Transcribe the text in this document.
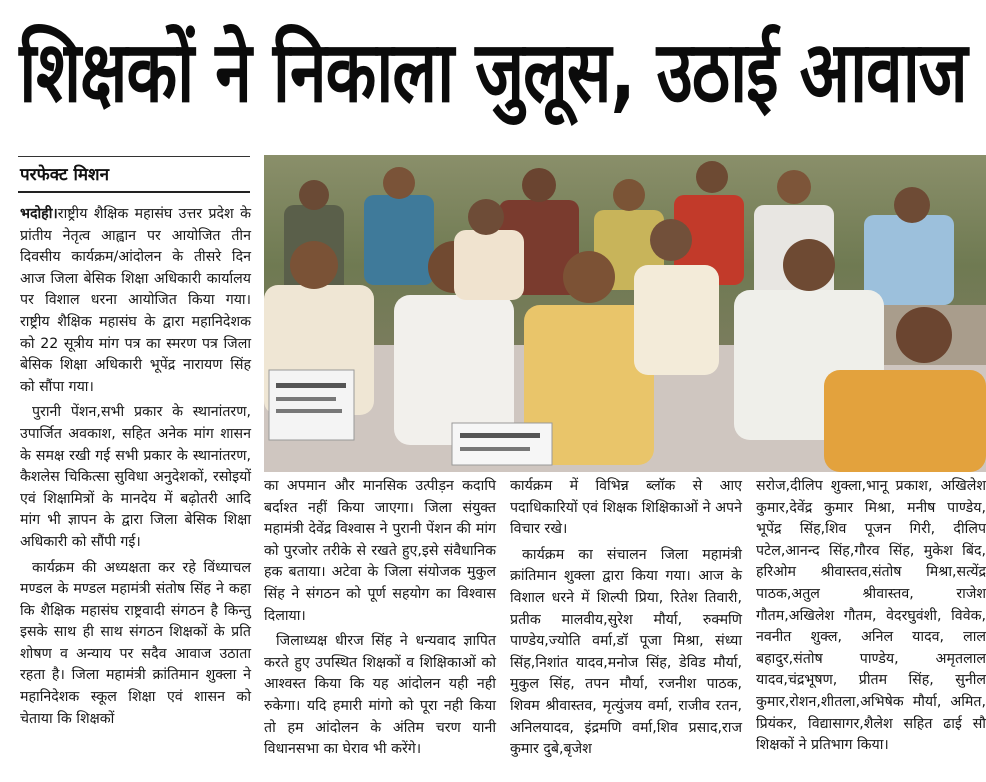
शिक्षकों ने निकाला जुलूस, उठाई आवाज
परफेक्ट मिशन

भदोही।राष्ट्रीय शैक्षिक महासंघ उत्तर प्रदेश के प्रांतीय नेतृत्व आह्वान पर आयोजित तीन दिवसीय कार्यक्रम/आंदोलन के तीसरे दिन आज जिला बेसिक शिक्षा अधिकारी कार्यालय पर विशाल धरना आयोजित किया गया। राष्ट्रीय शैक्षिक महासंघ के द्वारा महानिदेशक को 22 सूत्रीय मांग पत्र का स्मरण पत्र जिला बेसिक शिक्षा अधिकारी भूपेंद्र नारायण सिंह को सौंपा गया।

पुरानी पेंशन,सभी प्रकार के स्थानांतरण, उपार्जित अवकाश, सहित अनेक मांग शासन के समक्ष रखी गई सभी प्रकार के स्थानांतरण, कैशलेस चिकित्सा सुविधा अनुदेशकों, रसोइयों एवं शिक्षामित्रों के मानदेय में बढ़ोतरी आदि मांग भी ज्ञापन के द्वारा जिला बेसिक शिक्षा अधिकारी को सौंपी गई।

कार्यक्रम की अध्यक्षता कर रहे विंध्याचल मण्डल के मण्डल महामंत्री संतोष सिंह ने कहा कि शैक्षिक महासंघ राष्ट्रवादी संगठन है किन्तु इसके साथ ही साथ संगठन शिक्षकों के प्रति शोषण व अन्याय पर सदैव आवाज उठाता रहता है। जिला महामंत्री क्रांतिमान शुक्ला ने महानिदेशक स्कूल शिक्षा एवं शासन को चेताया कि शिक्षकों

का अपमान और मानसिक उत्पीड़न कदापि बर्दाश्त नहीं किया जाएगा। जिला संयुक्त महामंत्री देवेंद्र विश्वास ने पुरानी पेंशन की मांग को पुरजोर तरीके से रखते हुए,इसे संवैधानिक हक बताया। अटेवा के जिला संयोजक मुकुल सिंह ने संगठन को पूर्ण सहयोग का विश्वास दिलाया।

जिलाध्यक्ष धीरज सिंह ने धन्यवाद ज्ञापित करते हुए उपस्थित शिक्षकों व शिक्षिकाओं को आश्वस्त किया कि यह आंदोलन यही नही रुकेगा। यदि हमारी मांगो को पूरा नही किया तो हम आंदोलन के अंतिम चरण यानी विधानसभा का घेराव भी करेंगे।

कार्यक्रम में विभिन्न ब्लॉक से आए पदाधिकारियों एवं शिक्षक शिक्षिकाओं ने अपने विचार रखे।

कार्यक्रम का संचालन जिला महामंत्री क्रांतिमान शुक्ला द्वारा किया गया। आज के विशाल धरने में शिल्पी प्रिया, रितेश तिवारी, प्रतीक मालवीय,सुरेश मौर्या, रुक्मणि पाण्डेय,ज्योति वर्मा,डॉ पूजा मिश्रा, संध्या सिंह,निशांत यादव,मनोज सिंह, डेविड मौर्या, मुकुल सिंह, तपन मौर्या, रजनीश पाठक, शिवम श्रीवास्तव, मृत्युंजय वर्मा, राजीव रतन, अनिलयादव, इंद्रमणि वर्मा,शिव प्रसाद,राज कुमार दुबे,बृजेश

सरोज,दीलिप शुक्ला,भानू प्रकाश, अखिलेश कुमार,देवेंद्र कुमार मिश्रा, मनीष पाण्डेय, भूपेंद्र सिंह,शिव पूजन गिरी, दीलिप पटेल,आनन्द सिंह,गौरव सिंह, मुकेश बिंद, हरिओम श्रीवास्तव,संतोष मिश्रा,सत्येंद्र पाठक,अतुल श्रीवास्तव, राजेश गौतम,अखिलेश गौतम, वेदरघुवंशी, विवेक, नवनीत शुक्ल, अनिल यादव, लाल बहादुर,संतोष पाण्डेय, अमृतलाल यादव,चंद्रभूषण, प्रीतम सिंह, सुनील कुमार,रोशन,शीतला,अभिषेक मौर्या, अमित, प्रियंकर, विद्यासागर,शैलेश सहित ढाई सौ शिक्षकों ने प्रतिभाग किया।
